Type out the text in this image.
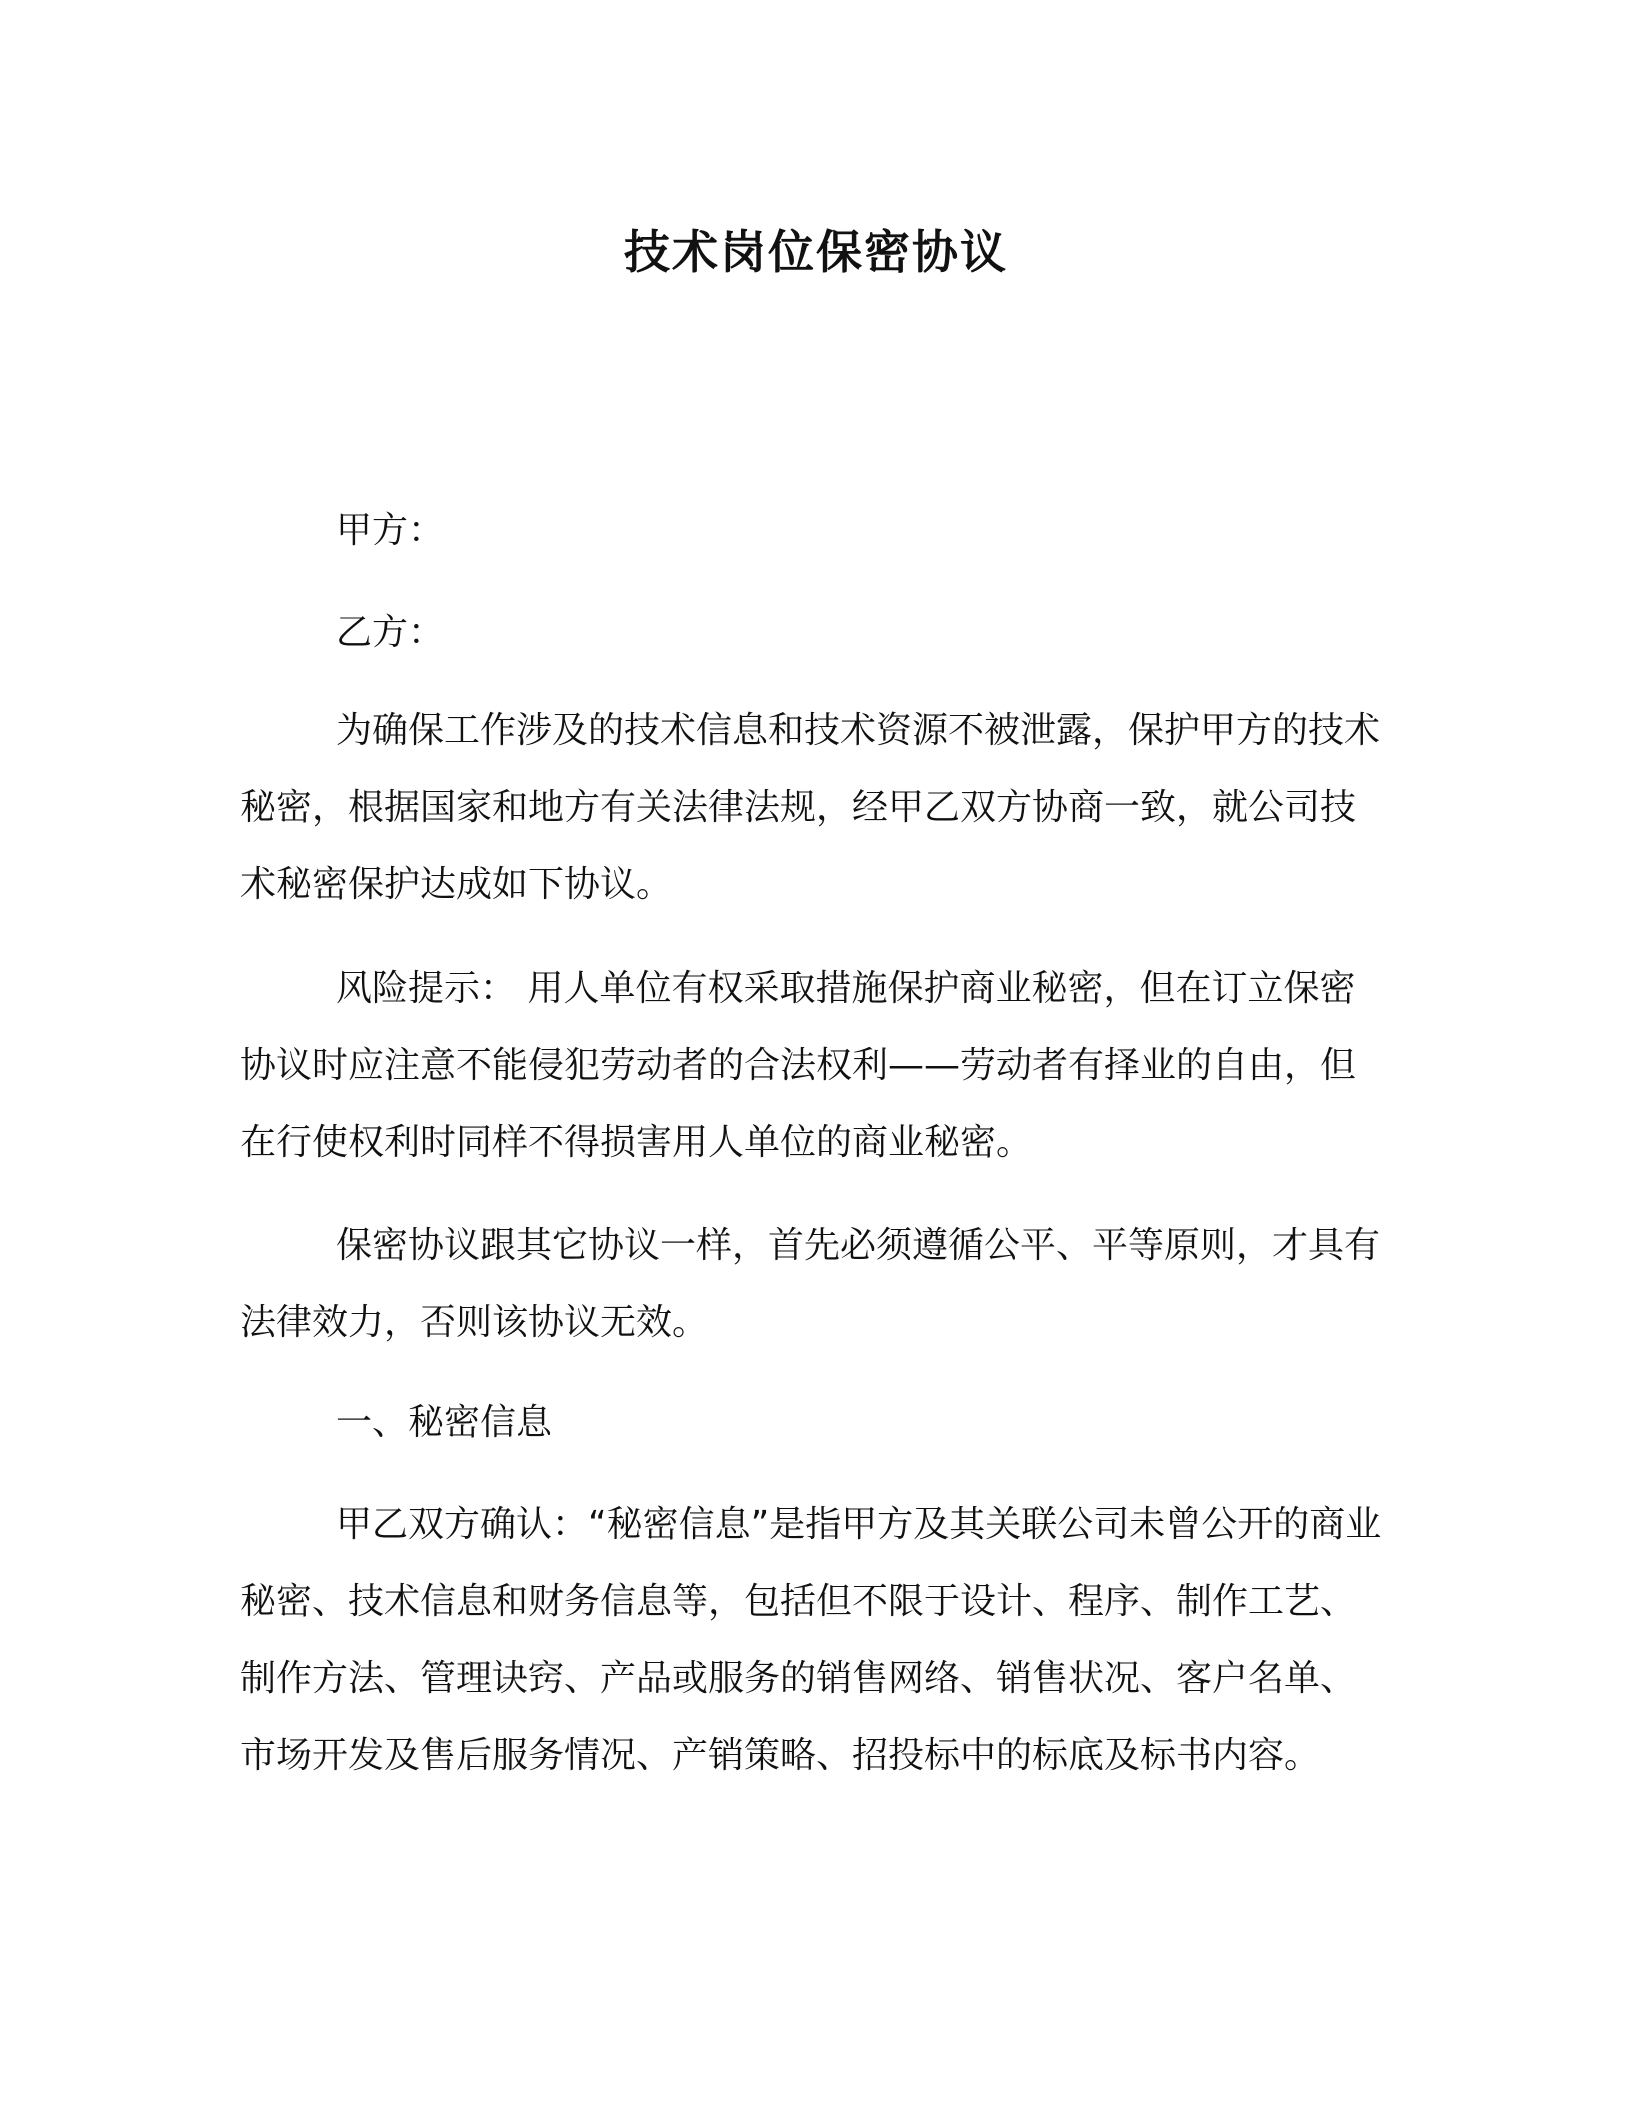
技术岗位保密协议

甲方：

乙方：

为确保工作涉及的技术信息和技术资源不被泄露，保护甲方的技术秘密，根据国家和地方有关法律法规，经甲乙双方协商一致，就公司技术秘密保护达成如下协议。

风险提示： 用人单位有权采取措施保护商业秘密，但在订立保密协议时应注意不能侵犯劳动者的合法权利——劳动者有择业的自由，但在行使权利时同样不得损害用人单位的商业秘密。

保密协议跟其它协议一样，首先必须遵循公平、平等原则，才具有法律效力，否则该协议无效。

一、秘密信息

甲乙双方确认：“秘密信息”是指甲方及其关联公司未曾公开的商业秘密、技术信息和财务信息等，包括但不限于设计、程序、制作工艺、制作方法、管理诀窍、产品或服务的销售网络、销售状况、客户名单、市场开发及售后服务情况、产销策略、招投标中的标底及标书内容。
